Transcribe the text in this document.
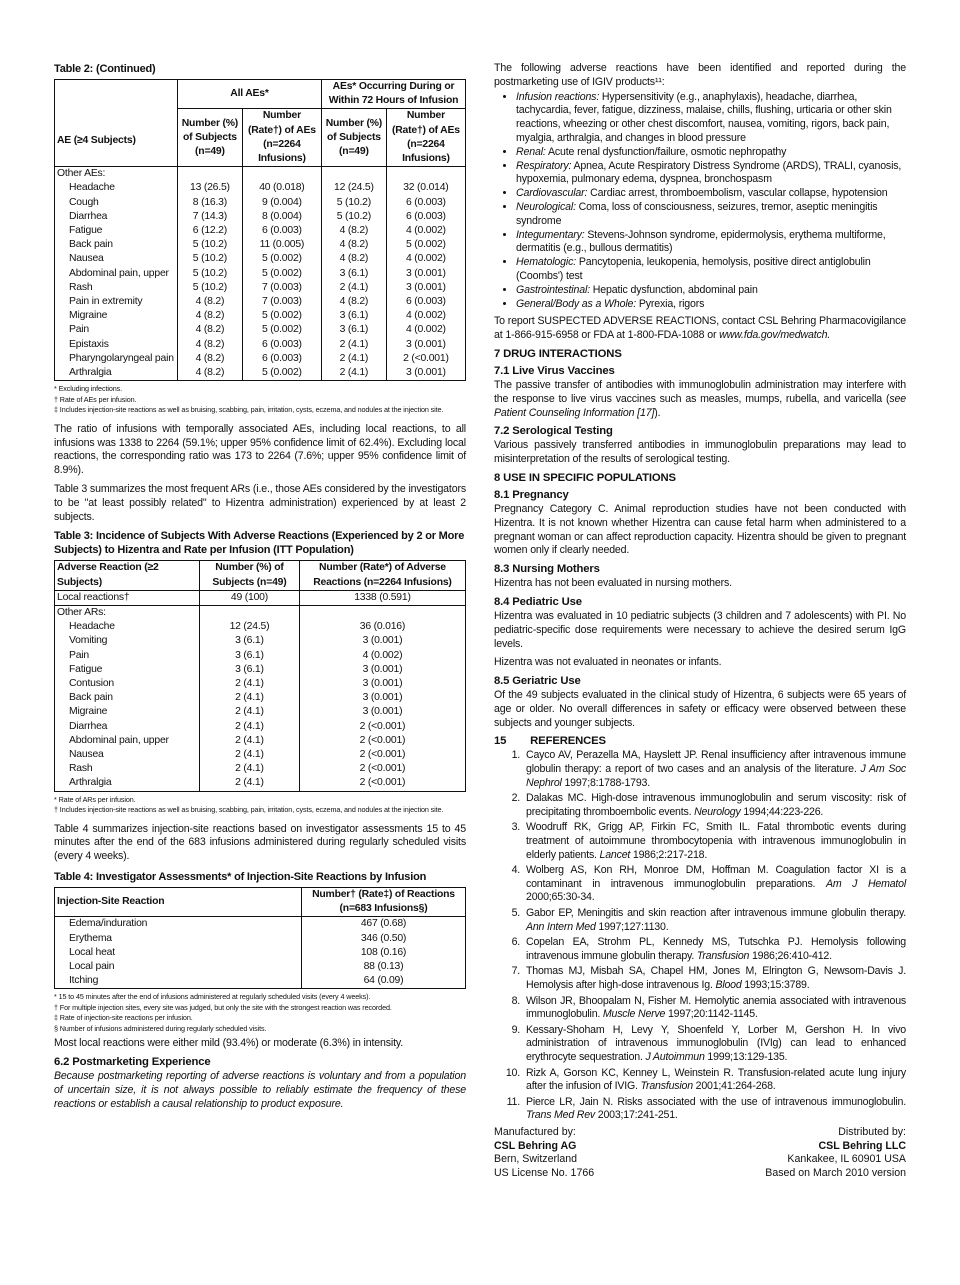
Table 2: (Continued)
AE (≥4 Subjects)	All AEs*		AEs* Occurring During or Within 72 Hours of Infusion	
	Number (%) of Subjects (n=49)	Number (Rate†) of AEs (n=2264 Infusions)	Number (%) of Subjects (n=49)	Number (Rate†) of AEs (n=2264 Infusions)
Other AEs:				
Headache	13 (26.5)	40 (0.018)	12 (24.5)	32 (0.014)
Cough	8 (16.3)	9 (0.004)	5 (10.2)	6 (0.003)
Diarrhea	7 (14.3)	8 (0.004)	5 (10.2)	6 (0.003)
Fatigue	6 (12.2)	6 (0.003)	4 (8.2)	4 (0.002)
Back pain	5 (10.2)	11 (0.005)	4 (8.2)	5 (0.002)
Nausea	5 (10.2)	5 (0.002)	4 (8.2)	4 (0.002)
Abdominal pain, upper	5 (10.2)	5 (0.002)	3 (6.1)	3 (0.001)
Rash	5 (10.2)	7 (0.003)	2 (4.1)	3 (0.001)
Pain in extremity	4 (8.2)	7 (0.003)	4 (8.2)	6 (0.003)
Migraine	4 (8.2)	5 (0.002)	3 (6.1)	4 (0.002)
Pain	4 (8.2)	5 (0.002)	3 (6.1)	4 (0.002)
Epistaxis	4 (8.2)	6 (0.003)	2 (4.1)	3 (0.001)
Pharyngolaryngeal pain	4 (8.2)	6 (0.003)	2 (4.1)	2 (<0.001)
Arthralgia	4 (8.2)	5 (0.002)	2 (4.1)	3 (0.001)

* Excluding infections.

† Rate of AEs per infusion.

‡ Includes injection-site reactions as well as bruising, scabbing, pain, irritation, cysts, eczema, and nodules at the injection site.

The ratio of infusions with temporally associated AEs, including local reactions, to all infusions was 1338 to 2264 (59.1%; upper 95% confidence limit of 62.4%). Excluding local reactions, the corresponding ratio was 173 to 2264 (7.6%; upper 95% confidence limit of 8.9%).

Table 3 summarizes the most frequent ARs (i.e., those AEs considered by the investigators to be "at least possibly related" to Hizentra administration) experienced by at least 2 subjects.

Table 3: Incidence of Subjects With Adverse Reactions (Experienced by 2 or More Subjects) to Hizentra and Rate per Infusion (ITT Population)
Adverse Reaction (≥2 Subjects)	Number (%) of Subjects (n=49)	Number (Rate*) of Adverse Reactions (n=2264 Infusions)
Local reactions†	49 (100)	1338 (0.591)
Other ARs:		
Headache	12 (24.5)	36 (0.016)
Vomiting	3 (6.1)	3 (0.001)
Pain	3 (6.1)	4 (0.002)
Fatigue	3 (6.1)	3 (0.001)
Contusion	2 (4.1)	3 (0.001)
Back pain	2 (4.1)	3 (0.001)
Migraine	2 (4.1)	3 (0.001)
Diarrhea	2 (4.1)	2 (<0.001)
Abdominal pain, upper	2 (4.1)	2 (<0.001)
Nausea	2 (4.1)	2 (<0.001)
Rash	2 (4.1)	2 (<0.001)
Arthralgia	2 (4.1)	2 (<0.001)

* Rate of ARs per infusion.

† Includes injection-site reactions as well as bruising, scabbing, pain, irritation, cysts, eczema, and nodules at the injection site.

Table 4 summarizes injection-site reactions based on investigator assessments 15 to 45 minutes after the end of the 683 infusions administered during regularly scheduled visits (every 4 weeks).

Table 4: Investigator Assessments* of Injection-Site Reactions by Infusion
Injection-Site Reaction	Number† (Rate‡) of Reactions (n=683 Infusions§)
Edema/induration	467 (0.68)
Erythema	346 (0.50)
Local heat	108 (0.16)
Local pain	88 (0.13)
Itching	64 (0.09)

* 15 to 45 minutes after the end of infusions administered at regularly scheduled visits (every 4 weeks).

† For multiple injection sites, every site was judged, but only the site with the strongest reaction was recorded.

‡ Rate of injection-site reactions per infusion.

§ Number of infusions administered during regularly scheduled visits.

Most local reactions were either mild (93.4%) or moderate (6.3%) in intensity.

6.2 Postmarketing Experience

Because postmarketing reporting of adverse reactions is voluntary and from a population of uncertain size, it is not always possible to reliably estimate the frequency of these reactions or establish a causal relationship to product exposure.

The following adverse reactions have been identified and reported during the postmarketing use of IGIV products¹¹:

• Infusion reactions: Hypersensitivity (e.g., anaphylaxis), headache, diarrhea, tachycardia, fever, fatigue, dizziness, malaise, chills, flushing, urticaria or other skin reactions, wheezing or other chest discomfort, nausea, vomiting, rigors, back pain, myalgia, arthralgia, and changes in blood pressure
• Renal: Acute renal dysfunction/failure, osmotic nephropathy
• Respiratory: Apnea, Acute Respiratory Distress Syndrome (ARDS), TRALI, cyanosis, hypoxemia, pulmonary edema, dyspnea, bronchospasm
• Cardiovascular: Cardiac arrest, thromboembolism, vascular collapse, hypotension
• Neurological: Coma, loss of consciousness, seizures, tremor, aseptic meningitis syndrome
• Integumentary: Stevens-Johnson syndrome, epidermolysis, erythema multiforme, dermatitis (e.g., bullous dermatitis)
• Hematologic: Pancytopenia, leukopenia, hemolysis, positive direct antiglobulin (Coombs') test
• Gastrointestinal: Hepatic dysfunction, abdominal pain
• General/Body as a Whole: Pyrexia, rigors

To report SUSPECTED ADVERSE REACTIONS, contact CSL Behring Pharmacovigilance at 1-866-915-6958 or FDA at 1-800-FDA-1088 or www.fda.gov/medwatch.

7 DRUG INTERACTIONS
7.1 Live Virus Vaccines

The passive transfer of antibodies with immunoglobulin administration may interfere with the response to live virus vaccines such as measles, mumps, rubella, and varicella (see Patient Counseling Information [17]).

7.2 Serological Testing

Various passively transferred antibodies in immunoglobulin preparations may lead to misinterpretation of the results of serological testing.

8 USE IN SPECIFIC POPULATIONS
8.1 Pregnancy

Pregnancy Category C. Animal reproduction studies have not been conducted with Hizentra. It is not known whether Hizentra can cause fetal harm when administered to a pregnant woman or can affect reproduction capacity. Hizentra should be given to pregnant women only if clearly needed.

8.3 Nursing Mothers

Hizentra has not been evaluated in nursing mothers.

8.4 Pediatric Use

Hizentra was evaluated in 10 pediatric subjects (3 children and 7 adolescents) with PI. No pediatric-specific dose requirements were necessary to achieve the desired serum IgG levels.

Hizentra was not evaluated in neonates or infants.

8.5 Geriatric Use

Of the 49 subjects evaluated in the clinical study of Hizentra, 6 subjects were 65 years of age or older. No overall differences in safety or efficacy were observed between these subjects and younger subjects.

15        REFERENCES
1. Cayco AV, Perazella MA, Hayslett JP. Renal insufficiency after intravenous immune globulin therapy: a report of two cases and an analysis of the literature. J Am Soc Nephrol 1997;8:1788-1793.
2. Dalakas MC. High-dose intravenous immunoglobulin and serum viscosity: risk of precipitating thromboembolic events. Neurology 1994;44:223-226.
3. Woodruff RK, Grigg AP, Firkin FC, Smith IL. Fatal thrombotic events during treatment of autoimmune thrombocytopenia with intravenous immunoglobulin in elderly patients. Lancet 1986;2:217-218.
4. Wolberg AS, Kon RH, Monroe DM, Hoffman M. Coagulation factor XI is a contaminant in intravenous immunoglobulin preparations. Am J Hematol 2000;65:30-34.
5. Gabor EP, Meningitis and skin reaction after intravenous immune globulin therapy. Ann Intern Med 1997;127:1130.
6. Copelan EA, Strohm PL, Kennedy MS, Tutschka PJ. Hemolysis following intravenous immune globulin therapy. Transfusion 1986;26:410-412.
7. Thomas MJ, Misbah SA, Chapel HM, Jones M, Elrington G, Newsom-Davis J. Hemolysis after high-dose intravenous Ig. Blood 1993;15:3789.
8. Wilson JR, Bhoopalam N, Fisher M. Hemolytic anemia associated with intravenous immunoglobulin. Muscle Nerve 1997;20:1142-1145.
9. Kessary-Shoham H, Levy Y, Shoenfeld Y, Lorber M, Gershon H. In vivo administration of intravenous immunoglobulin (IVIg) can lead to enhanced erythrocyte sequestration. J Autoimmun 1999;13:129-135.
10. Rizk A, Gorson KC, Kenney L, Weinstein R. Transfusion-related acute lung injury after the infusion of IVIG. Transfusion 2001;41:264-268.
11. Pierce LR, Jain N. Risks associated with the use of intravenous immunoglobulin. Trans Med Rev 2003;17:241-251.
Manufactured by:
CSL Behring AG
Bern, Switzerland
US License No. 1766
Distributed by:
CSL Behring LLC
Kankakee, IL 60901 USA
Based on March 2010 version
